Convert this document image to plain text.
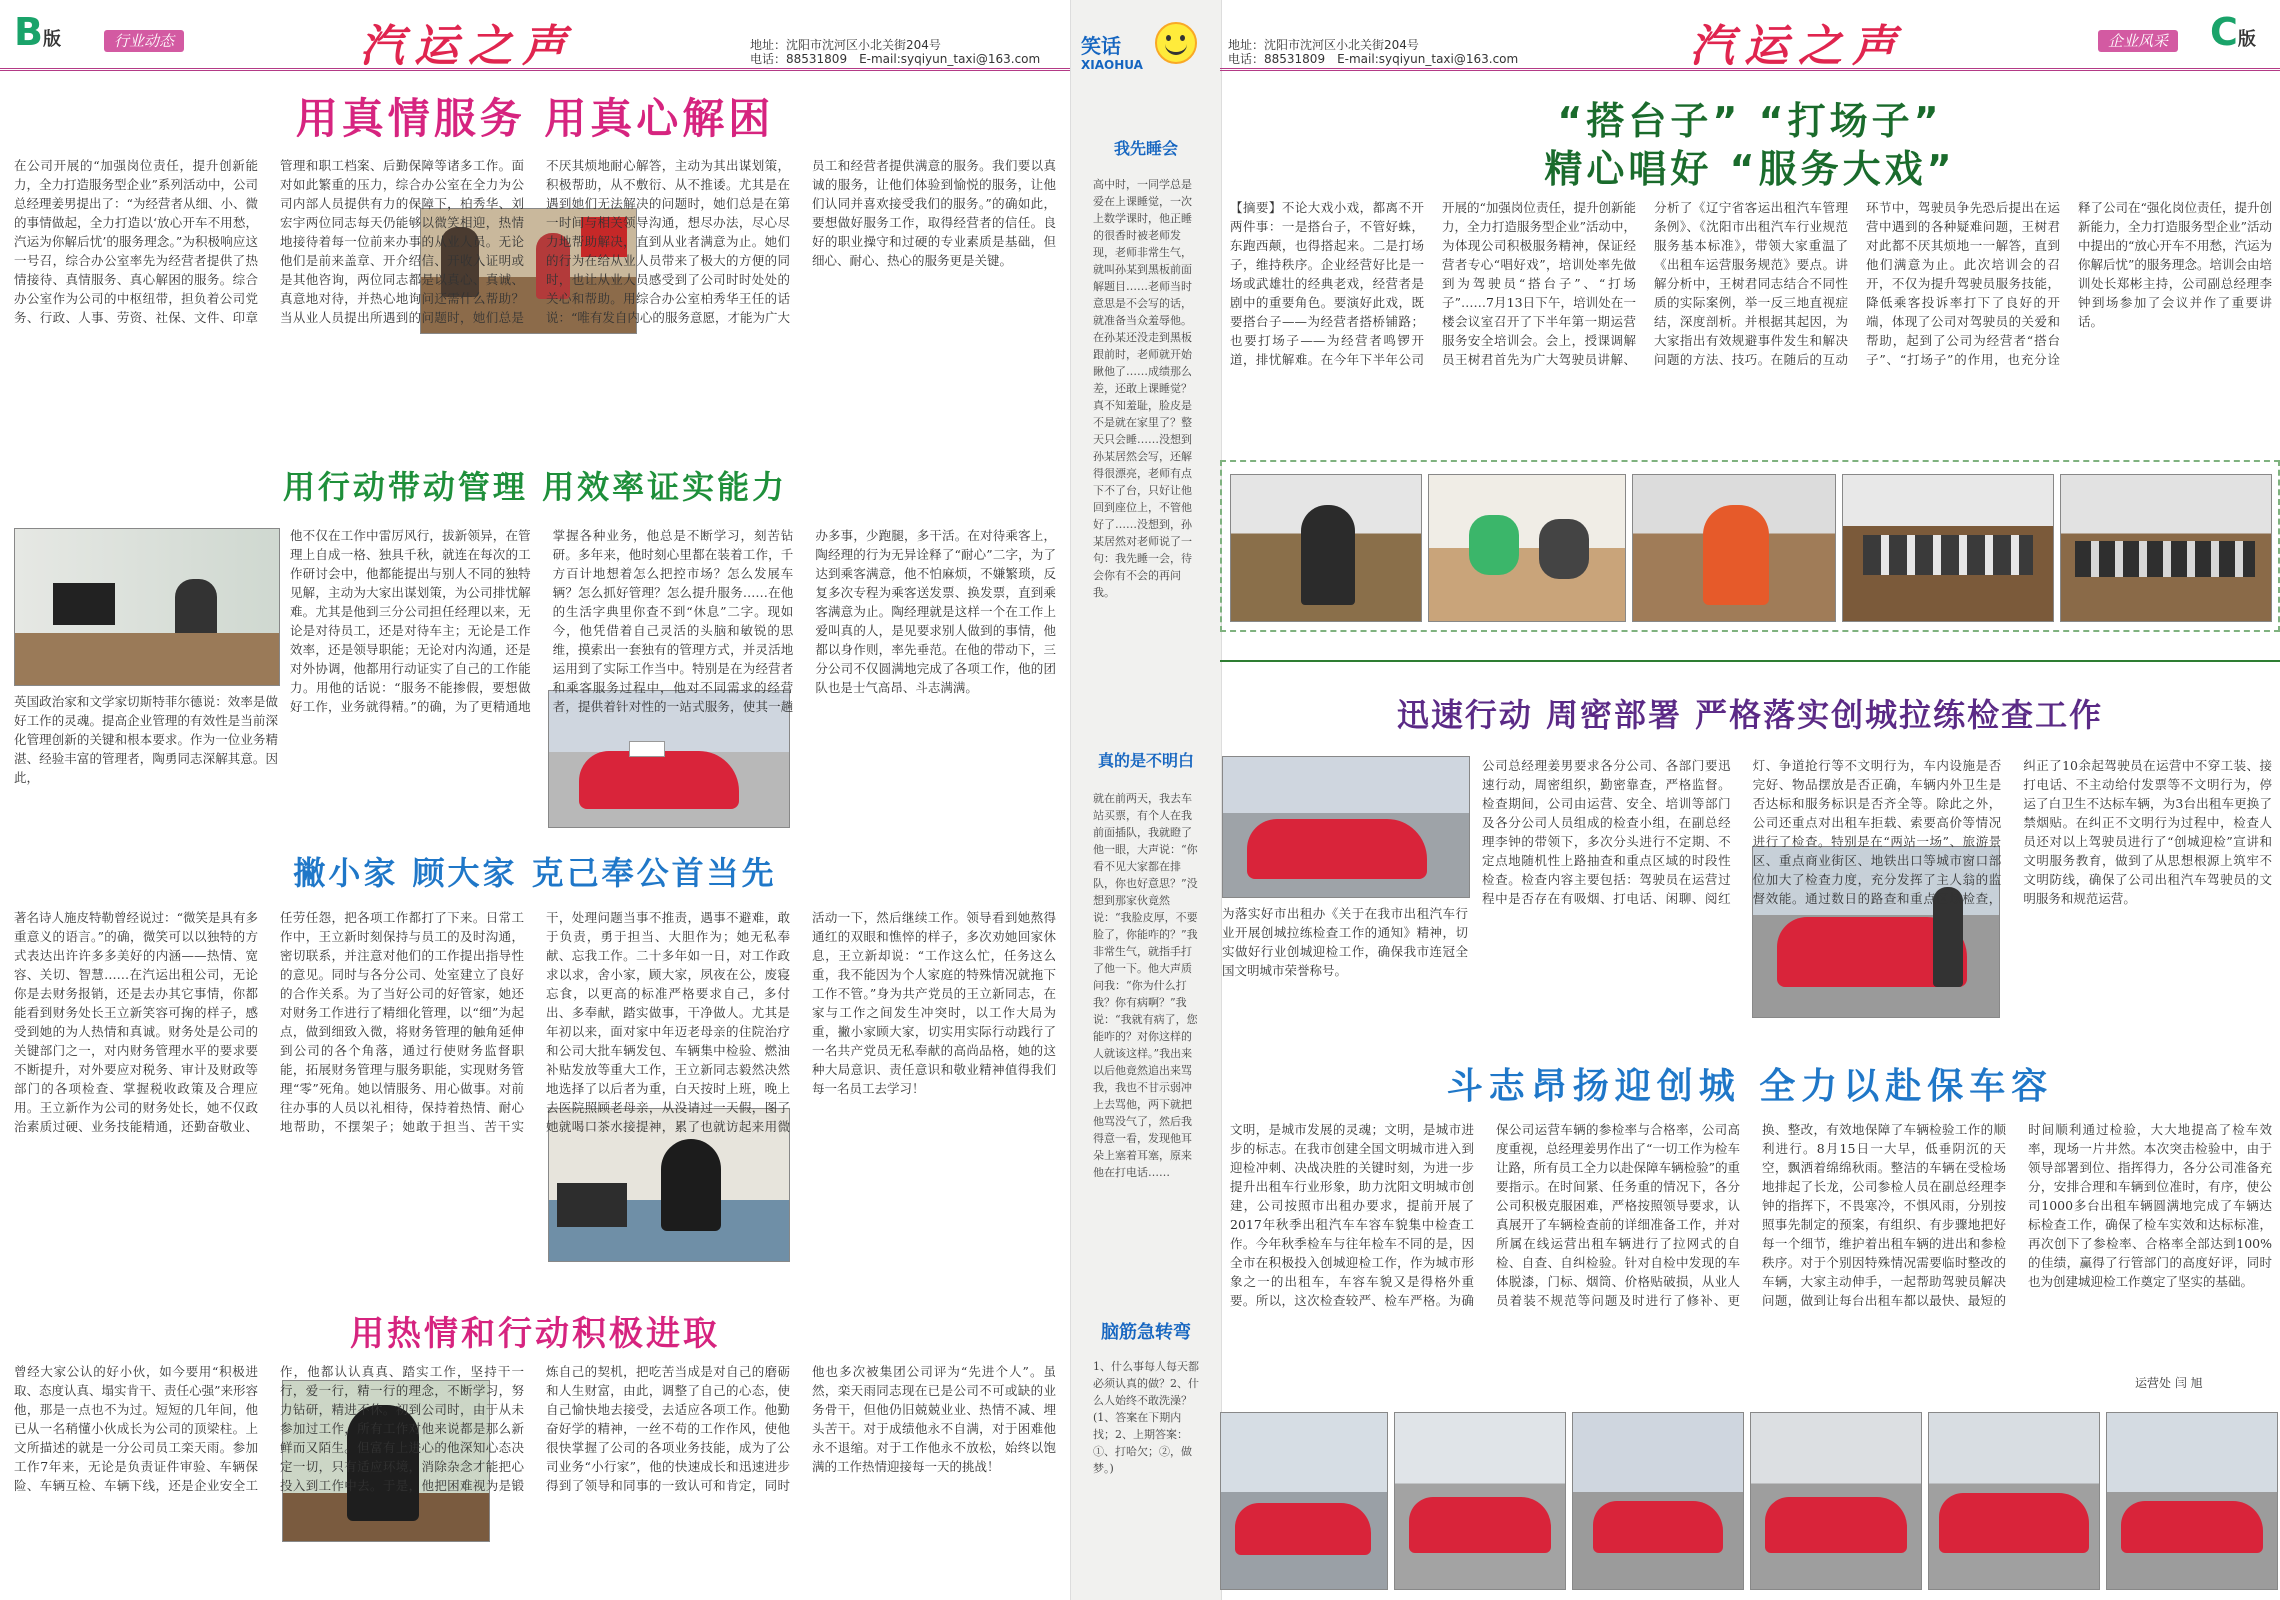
B版	行业动态	汽运之声	地址：沈阳市沈河区小北关街204号
电话：88531809　E-mail:syqiyun_taxi@163.com
用真情服务 用真心解困
在公司开展的“加强岗位责任，提升创新能力，全力打造服务型企业”系列活动中，公司总经理姜男提出了：“为经营者从细、小、微的事情做起，全力打造以‘放心开车不用愁，汽运为你解后忧’的服务理念。”为积极响应这一号召，综合办公室率先为经营者提供了热情接待、真情服务、真心解困的服务。综合办公室作为公司的中枢纽带，担负着公司党务、行政、人事、劳资、社保、文件、印章管理和职工档案、后勤保障等诸多工作。面对如此繁重的压力，综合办公室在全力为公司内部人员提供有力的保障下，柏秀华、刘宏宇两位同志每天仍能够以微笑相迎，热情地接待着每一位前来办事的从业人员。无论他们是前来盖章、开介绍信、开收入证明或是其他咨询，两位同志都是以真心、真诚、真意地对待，并热心地询问还需什么帮助？当从业人员提出所遇到的问题时，她们总是不厌其烦地耐心解答，主动为其出谋划策，积极帮助，从不敷衍、从不推诿。尤其是在遇到她们无法解决的问题时，她们总是在第一时间与相关领导沟通，想尽办法，尽心尽力地帮助解决，直到从业者满意为止。她们的行为在给从业人员带来了极大的方便的同时，也让从业人员感受到了公司时时处处的关心和帮助。用综合办公室柏秀华王任的话说：“唯有发自内心的服务意愿，才能为广大员工和经营者提供满意的服务。我们要以真诚的服务，让他们体验到愉悦的服务，让他们认同并喜欢接受我们的服务。”的确如此，要想做好服务工作，取得经营者的信任。良好的职业操守和过硬的专业素质是基础，但细心、耐心、热心的服务更是关键。
用行动带动管理 用效率证实能力
英国政治家和文学家切斯特菲尔德说：效率是做好工作的灵魂。提高企业管理的有效性是当前深化管理创新的关键和根本要求。作为一位业务精湛、经验丰富的管理者，陶勇同志深解其意。因此，
他不仅在工作中雷厉风行，拔新领异，在管理上自成一格、独具千秋，就连在每次的工作研讨会中，他都能提出与别人不同的独特见解，主动为大家出谋划策，为公司排忧解难。尤其是他到三分公司担任经理以来，无论是对待员工，还是对待车主；无论是工作效率，还是领导职能；无论对内沟通，还是对外协调，他都用行动证实了自己的工作能力。用他的话说：“服务不能掺假，要想做好工作，业务就得精。”的确，为了更精通地掌握各种业务，他总是不断学习，刻苦钻研。多年来，他时刻心里都在装着工作，千方百计地想着怎么把控市场？怎么发展车辆？怎么抓好管理？怎么提升服务……在他的生活字典里你查不到“休息”二字。现如今，他凭借着自己灵活的头脑和敏锐的思维，摸索出一套独有的管理方式，并灵活地运用到了实际工作当中。特别是在为经营者和乘客服务过程中，他对不同需求的经营者，提供着针对性的一站式服务，使其一趟办多事，少跑腿，多干活。在对待乘客上，陶经理的行为无异诠释了“耐心”二字，为了达到乘客满意，他不怕麻烦，不嫌繁琐，反复多次专程为乘客送发票、换发票，直到乘客满意为止。陶经理就是这样一个在工作上爱叫真的人，是见要求别人做到的事情，他都以身作则，率先垂范。在他的带动下，三分公司不仅圆满地完成了各项工作，他的团队也是士气高昂、斗志满满。
撇小家 顾大家 克己奉公首当先
著名诗人施皮特勒曾经说过：“微笑是具有多重意义的语言。”的确，微笑可以以独特的方式表达出许许多多美好的内涵——热情、宽容、关切、智慧……在汽运出租公司，无论你是去财务报销，还是去办其它事情，你都能看到财务处长王立新笑容可掬的样子，感受到她的为人热情和真诚。财务处是公司的关键部门之一，对内财务管理水平的要求要不断提升，对外要应对税务、审计及财政等部门的各项检查、掌握税收政策及合理应用。王立新作为公司的财务处长，她不仅政治素质过硬、业务技能精通，还勤奋敬业、任劳任怨，把各项工作都打了下来。日常工作中，王立新时刻保持与员工的及时沟通，密切联系，并注意对他们的工作提出指导性的意见。同时与各分公司、处室建立了良好的合作关系。为了当好公司的好管家，她还对财务工作进行了精细化管理，以“细”为起点，做到细致入微，将财务管理的触角延伸到公司的各个角落，通过行使财务监督职能，拓展财务管理与服务职能，实现财务管理“零”死角。她以情服务、用心做事。对前往办事的人员以礼相待，保持着热情、耐心地帮助，不摆架子；她敢于担当、苦干实干，处理问题当事不推责，遇事不避难，敢于负责，勇于担当、大胆作为；她无私奉献、忘我工作。二十多年如一日，对工作政求以求，舍小家，顾大家，夙夜在公，废寝忘食，以更高的标准严格要求自己，多付出、多奉献，踏实做事，干净做人。尤其是年初以来，面对家中年迈老母亲的住院治疗和公司大批车辆发包、车辆集中检验、燃油补贴发放等重大工作，王立新同志毅然决然地选择了以后者为重，白天按时上班，晚上去医院照顾老母亲，从没请过一天假，图了她就喝口茶水接提神，累了也就访起来用微活动一下，然后继续工作。领导看到她熬得通红的双眼和憔悴的样子，多次劝她回家休息，王立新却说：“工作这么忙，任务这么重，我不能因为个人家庭的特殊情况就拖下工作不管。”身为共产党员的王立新同志，在家与工作之间发生冲突时，以工作大局为重，撇小家顾大家，切实用实际行动践行了一名共产党员无私奉献的高尚品格，她的这种大局意识、责任意识和敬业精神值得我们每一名员工去学习！
用热情和行动积极进取
曾经大家公认的好小伙，如今要用“积极进取、态度认真、塌实肯干、责任心强”来形容他，那是一点也不为过。短短的几年间，他已从一名稍懂小伙成长为公司的顶梁柱。上文所描述的就是一分公司员工栾天雨。参加工作7年来，无论是负责证件审验、车辆保险、车辆互检、车辆下线，还是企业安全工作，他都认认真真、踏实工作，坚持干一行，爱一行，精一行的理念，不断学习，努力钻研，精进不休。初到公司时，由于从未参加过工作，所有工作对他来说都是那么新鲜而又陌生。但富有上进心的他深知心态决定一切，只有适应环境，消除杂念才能把心投入到工作中去。于是，他把困难视为是锻炼自己的契机，把吃苦当成是对自己的磨砺和人生财富，由此，调整了自己的心态，使自己愉快地去接受，去适应各项工作。他勤奋好学的精神，一丝不苟的工作作风，使他很快掌握了公司的各项业务技能，成为了公司业务“小行家”，他的快速成长和迅速进步得到了领导和同事的一致认可和肯定，同时他也多次被集团公司评为“先进个人”。虽然，栾天雨同志现在已是公司不可或缺的业务骨干，但他仍旧兢兢业业、热情不减、埋头苦干。对于成绩他永不自满，对于困难他永不退缩。对于工作他永不放松，始终以饱满的工作热情迎接每一天的挑战！
笑话
XIAOHUA
我先睡会
高中时，一同学总是爱在上课睡觉，一次上数学课时，他正睡的很香时被老师发现，老师非常生气，就叫孙某到黑板前面解题目……老师当时意思是不会写的话，就准备当众羞辱他。在孙某还没走到黑板跟前时，老师就开始瞅他了……成绩那么差，还敢上课睡觉？真不知羞耻，脸皮是不是就在家里了？整天只会睡……没想到孙某居然会写，还解得很漂亮，老师有点下不了台，只好让他回到座位上，不管他好了……没想到，孙某居然对老师说了一句：我先睡一会，待会你有不会的再问我。
真的是不明白
就在前两天，我去车站买票，有个人在我前面插队，我就瞪了他一眼，大声说：“你看不见大家都在排队，你也好意思？”没想到那家伙竟然说：“我脸皮厚，不要脸了，你能咋的？”我非常生气，就指手打了他一下。他大声质问我：“你为什么打我？你有病啊？”我说：“我就有病了，您能咋的？对你这样的人就该这样。”我出来以后他竟然追出来骂我，我也不甘示弱冲上去骂他，两下就把他骂没气了，然后我得意一看，发现他耳朵上塞着耳塞，原来他在打电话……
脑筋急转弯
1、什么事每人每天都必须认真的做？2、什么人始终不敢洗澡？(1、答案在下期内找；2、上期答案：①、打哈欠；②，做梦。)
地址：沈阳市沈河区小北关街204号
电话：88531809　E-mail:syqiyun_taxi@163.com	汽运之声	企业风采 C版
“搭台子” “打场子”
精心唱好 “服务大戏”
【摘要】不论大戏小戏，都离不开两件事：一是搭台子，不管好蛛，东跑西颠，也得搭起来。二是打场子，维持秩序。企业经营好比是一场或武雄壮的经典老戏，经营者是剧中的重要角色。要演好此戏，既要搭台子——为经营者搭桥铺路；也要打场子——为经营者鸣锣开道，排忧解难。在今年下半年公司开展的“加强岗位责任，提升创新能力，全力打造服务型企业”活动中，为体现公司积极服务精神，保证经营者专心“唱好戏”，培训处率先做到为驾驶员“搭台子”、“打场子”……7月13日下午，培训处在一楼会议室召开了下半年第一期运营服务安全培训会。会上，授课调解员王树君首先为广大驾驶员讲解、分析了《辽宁省客运出租汽车管理条例》、《沈阳市出租汽车行业规范服务基本标准》，带领大家重温了《出租车运营服务规范》要点。讲解分析中，王树君同志结合不同性质的实际案例，举一反三地直视症结，深度剖析。并根据其起因，为大家指出有效规避事件发生和解决问题的方法、技巧。在随后的互动环节中，驾驶员争先恐后提出在运营中遇到的各种疑难问题，王树君对此都不厌其烦地一一解答，直到他们满意为止。此次培训会的召开，不仅为提升驾驶员服务技能，降低乘客投诉率打下了良好的开端，体现了公司对驾驶员的关爱和帮助，起到了公司为经营者“搭台子”、“打场子”的作用，也充分诠释了公司在“强化岗位责任，提升创新能力，全力打造服务型企业”活动中提出的“放心开车不用愁，汽运为你解后忧”的服务理念。培训会由培训处长郑彬主持，公司副总经理李钟到场参加了会议并作了重要讲话。
迅速行动 周密部署 严格落实创城拉练检查工作
为落实好市出租办《关于在我市出租汽车行业开展创城拉练检查工作的通知》精神，切实做好行业创城迎检工作，确保我市连冠全国文明城市荣誉称号。
公司总经理姜男要求各分公司、各部门要迅速行动，周密组织，勤密靠查，严格监督。检查期间，公司由运营、安全、培训等部门及各分公司人员组成的检查小组，在副总经理李钟的带领下，多次分头进行不定期、不定点地随机性上路抽查和重点区域的时段性检查。检查内容主要包括：驾驶员在运营过程中是否存在有吸烟、打电话、闲聊、阅红灯、争道抢行等不文明行为，车内设施是否完好、物品摆放是否正确，车辆内外卫生是否达标和服务标识是否齐全等。除此之外，公司还重点对出租车拒载、索要高价等情况进行了检查。特别是在“两站一场”、旅游景区、重点商业街区、地铁出口等城市窗口部位加大了检查力度，充分发挥了主人翁的监督效能。通过数日的路查和重点区域检查，纠正了10余起驾驶员在运营中不穿工装、接打电话、不主动给付发票等不文明行为，停运了白卫生不达标车辆，为3台出租车更换了禁烟贴。在纠正不文明行为过程中，检查人员还对以上驾驶员进行了“创城迎检”宣讲和文明服务教育，做到了从思想根源上筑牢不文明防线，确保了公司出租汽车驾驶员的文明服务和规范运营。
斗志昂扬迎创城 全力以赴保车容
文明，是城市发展的灵魂；文明，是城市进步的标志。在我市创建全国文明城市进入到迎检冲刺、决战决胜的关键时刻，为进一步提升出租车行业形象，助力沈阳文明城市创建，公司按照市出租办要求，提前开展了2017年秋季出租汽车车容车貌集中检查工作。今年秋季检车与往年检车不同的是，因全市在积极投入创城迎检工作，作为城市形象之一的出租车，车容车貌又是得格外重要。所以，这次检查较严、检车严格。为确保公司运营车辆的参检率与合格率，公司高度重视，总经理姜男作出了“一切工作为检车让路，所有员工全力以赴保障车辆检验”的重要指示。在时间紧、任务重的情况下，各分公司积极克服困难，严格按照领导要求，认真展开了车辆检查前的详细准备工作，并对所属在线运营出租车辆进行了拉网式的自检、自查、自纠检验。针对自检中发现的车体脱漆，门标、烟筒、价格贴破损，从业人员着装不规范等问题及时进行了修补、更换、整改，有效地保障了车辆检验工作的顺利进行。8月15日一大早，低垂阴沉的天空，飘洒着绵绵秋雨。整洁的车辆在受检场地排起了长龙，公司参检人员在副总经理李钟的指挥下，不畏寒冷，不惧风雨，分别按照事先制定的预案，有组织、有步骤地把好每一个细节，维护着出租车辆的进出和参检秩序。对于个别因特殊情况需要临时整改的车辆，大家主动伸手，一起帮助驾驶员解决问题，做到让每台出租车都以最快、最短的时间顺利通过检验，大大地提高了检车效率，现场一片井然。本次突击检验中，由于领导部署到位、指挥得力，各分公司准备充分，安排合理和车辆到位准时，有序，使公司1000多台出租车辆圆满地完成了车辆达标检查工作，确保了检车实效和达标标准，再次创下了参检率、合格率全部达到100%的佳绩，赢得了行管部门的高度好评，同时也为创建城迎检工作奠定了坚实的基础。
运营处 闫 旭
